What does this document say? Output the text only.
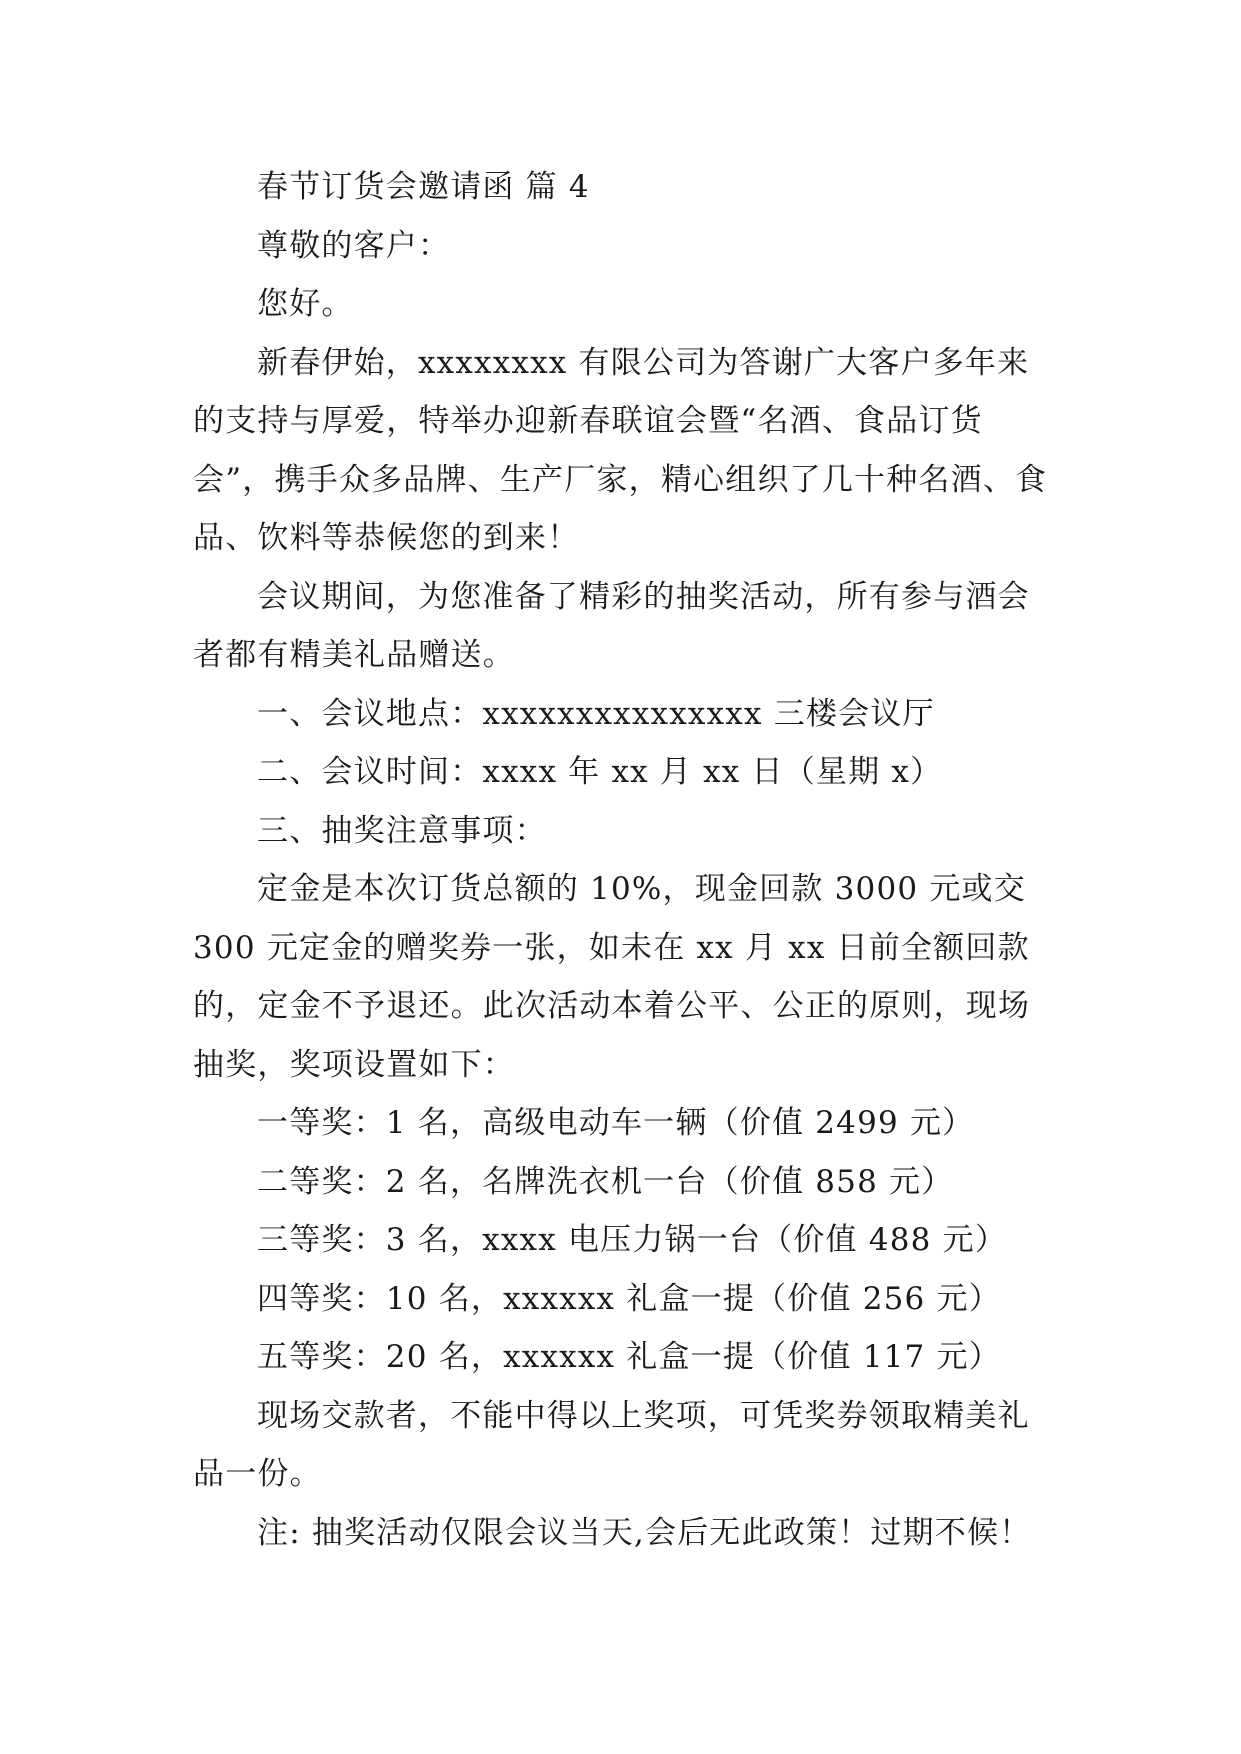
春节订货会邀请函 篇 4

尊敬的客户：

您好。

新春伊始，xxxxxxxx 有限公司为答谢广大客户多年来的支持与厚爱，特举办迎新春联谊会暨“名酒、食品订货会”，携手众多品牌、生产厂家，精心组织了几十种名酒、食品、饮料等恭候您的到来！

会议期间，为您准备了精彩的抽奖活动，所有参与酒会者都有精美礼品赠送。

一、会议地点：xxxxxxxxxxxxxxx 三楼会议厅

二、会议时间：xxxx 年 xx 月 xx 日（星期 x）

三、抽奖注意事项：

定金是本次订货总额的 10%，现金回款 3000 元或交 300 元定金的赠奖券一张，如未在 xx 月 xx 日前全额回款的，定金不予退还。此次活动本着公平、公正的原则，现场抽奖，奖项设置如下：

一等奖：1 名，高级电动车一辆（价值 2499 元）

二等奖：2 名，名牌洗衣机一台（价值 858 元）

三等奖：3 名，xxxx 电压力锅一台（价值 488 元）

四等奖：10 名，xxxxxx 礼盒一提（价值 256 元）

五等奖：20 名，xxxxxx 礼盒一提（价值 117 元）

现场交款者，不能中得以上奖项，可凭奖券领取精美礼品一份。

注: 抽奖活动仅限会议当天,会后无此政策！过期不候！
